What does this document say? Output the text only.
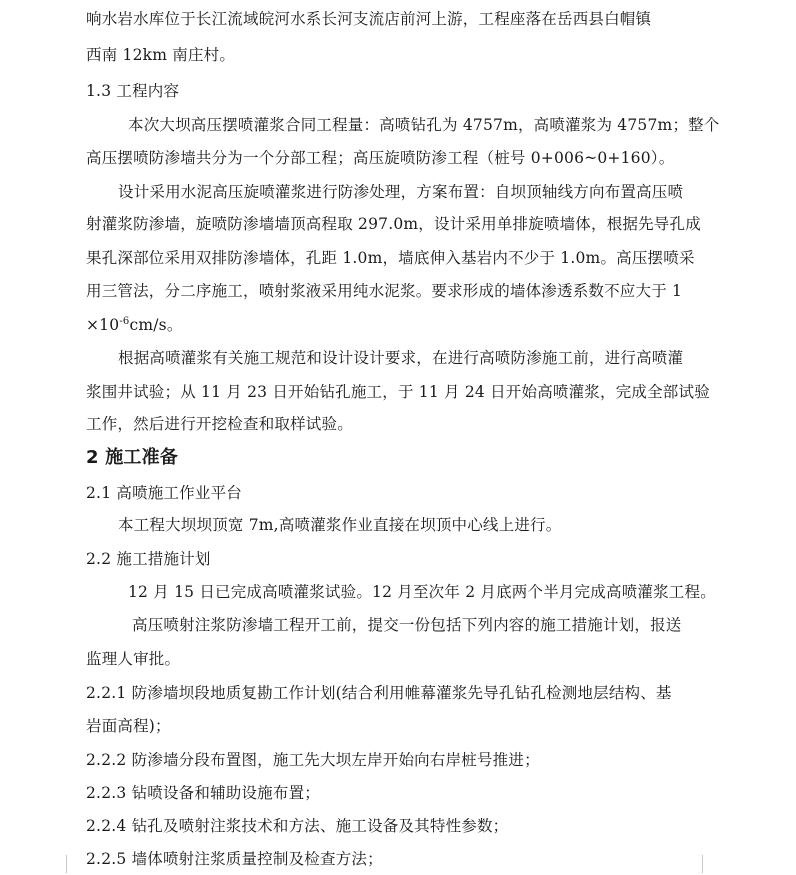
响水岩水库位于长江流域皖河水系长河支流店前河上游，工程座落在岳西县白帽镇
西南 12km 南庄村。
1.3 工程内容
本次大坝高压摆喷灌浆合同工程量：高喷钻孔为 4757m，高喷灌浆为 4757m；整个
高压摆喷防渗墙共分为一个分部工程；高压旋喷防渗工程（桩号 0+006~0+160）。
设计采用水泥高压旋喷灌浆进行防渗处理，方案布置：自坝顶轴线方向布置高压喷
射灌浆防渗墙，旋喷防渗墙墙顶高程取 297.0m，设计采用单排旋喷墙体，根据先导孔成
果孔深部位采用双排防渗墙体，孔距 1.0m，墙底伸入基岩内不少于 1.0m。高压摆喷采
用三管法，分二序施工，喷射浆液采用纯水泥浆。要求形成的墙体渗透系数不应大于 1
$\times 10^{-6}cm/s$。
根据高喷灌浆有关施工规范和设计设计要求，在进行高喷防渗施工前，进行高喷灌
浆围井试验；从 11 月 23 日开始钻孔施工，于 11 月 24 日开始高喷灌浆，完成全部试验
工作，然后进行开挖检查和取样试验。
2 施工准备
2.1 高喷施工作业平台
本工程大坝坝顶宽 7m,高喷灌浆作业直接在坝顶中心线上进行。
2.2 施工措施计划
12 月 15 日已完成高喷灌浆试验。12 月至次年 2 月底两个半月完成高喷灌浆工程。
高压喷射注浆防渗墙工程开工前，提交一份包括下列内容的施工措施计划，报送
监理人审批。
2.2.1 防渗墙坝段地质复勘工作计划(结合利用帷幕灌浆先导孔钻孔检测地层结构、基
岩面高程)；
2.2.2 防渗墙分段布置图，施工先大坝左岸开始向右岸桩号推进；
2.2.3 钻喷设备和辅助设施布置；
2.2.4 钻孔及喷射注浆技术和方法、施工设备及其特性参数；
2.2.5 墙体喷射注浆质量控制及检查方法；
